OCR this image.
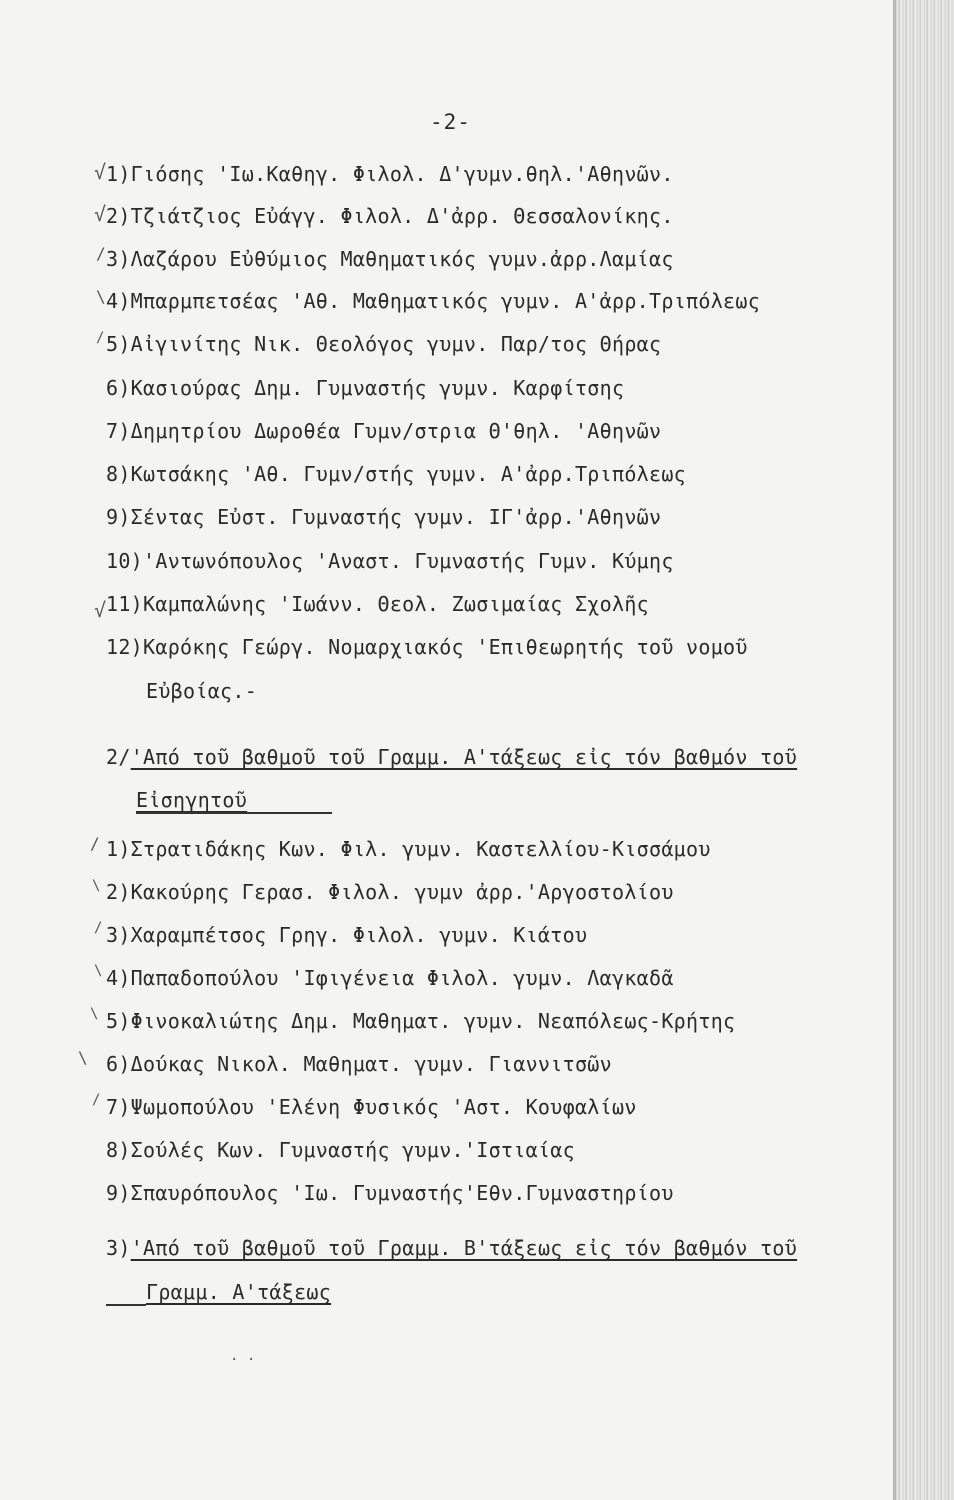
-2-
√
√
/
\
/
√
/
\
/
\
\
\
/
1)Γιόσης 'Ιω.Καθηγ. Φιλολ. Δ'γυμν.θηλ.'Αθηνῶν.
2)Τζιάτζιος Εὐάγγ. Φιλολ. Δ'ἀρρ. Θεσσαλονίκης.
3)Λαζάρου Εὐθύμιος Μαθηματικός γυμν.ἀρρ.Λαμίας
4)Μπαρμπετσέας 'Αθ. Μαθηματικός γυμν. Α'ἀρρ.Τριπόλεως
5)Αἰγινίτης Νικ. Θεολόγος γυμν. Παρ/τος Θήρας
6)Κασιούρας Δημ. Γυμναστής γυμν. Καρφίτσης
7)Δημητρίου Δωροθέα Γυμν/στρια Θ'θηλ. 'Αθηνῶν
8)Κωτσάκης 'Αθ. Γυμν/στής γυμν. Α'ἀρρ.Τριπόλεως
9)Σέντας Εὐστ. Γυμναστής γυμν. ΙΓ'ἀρρ.'Αθηνῶν
10)'Αντωνόπουλος 'Αναστ. Γυμναστής Γυμν. Κύμης
11)Καμπαλώνης 'Ιωάνν. Θεολ. Ζωσιμαίας Σχολῆς
12)Καρόκης Γεώργ. Νομαρχιακός 'Επιθεωρητής τοῦ νομοῦ
Εὐβοίας.-
2/'Από τοῦ βαθμοῦ τοῦ Γραμμ. Α'τάξεως εἰς τόν βαθμόν τοῦ
Εἰσηγητοῦ
1)Στρατιδάκης Κων. Φιλ. γυμν. Καστελλίου-Κισσάμου
2)Κακούρης Γερασ. Φιλολ. γυμν ἀρρ.'Αργοστολίου
3)Χαραμπέτσος Γρηγ. Φιλολ. γυμν. Κιάτου
4)Παπαδοπούλου 'Ιφιγένεια Φιλολ. γυμν. Λαγκαδᾶ
5)Φινοκαλιώτης Δημ. Μαθηματ. γυμν. Νεαπόλεως-Κρήτης
6)Δούκας Νικολ. Μαθηματ. γυμν. Γιαννιτσῶν
7)Ψωμοπούλου 'Ελένη Φυσικός 'Αστ. Κουφαλίων
8)Σούλές Κων. Γυμναστής γυμν.'Ιστιαίας
9)Σπαυρόπουλος 'Ιω. Γυμναστής'Εθν.Γυμναστηρίου
3)'Από τοῦ βαθμοῦ τοῦ Γραμμ. Β'τάξεως εἰς τόν βαθμόν τοῦ
Γραμμ. Α'τάξεως
· ·
